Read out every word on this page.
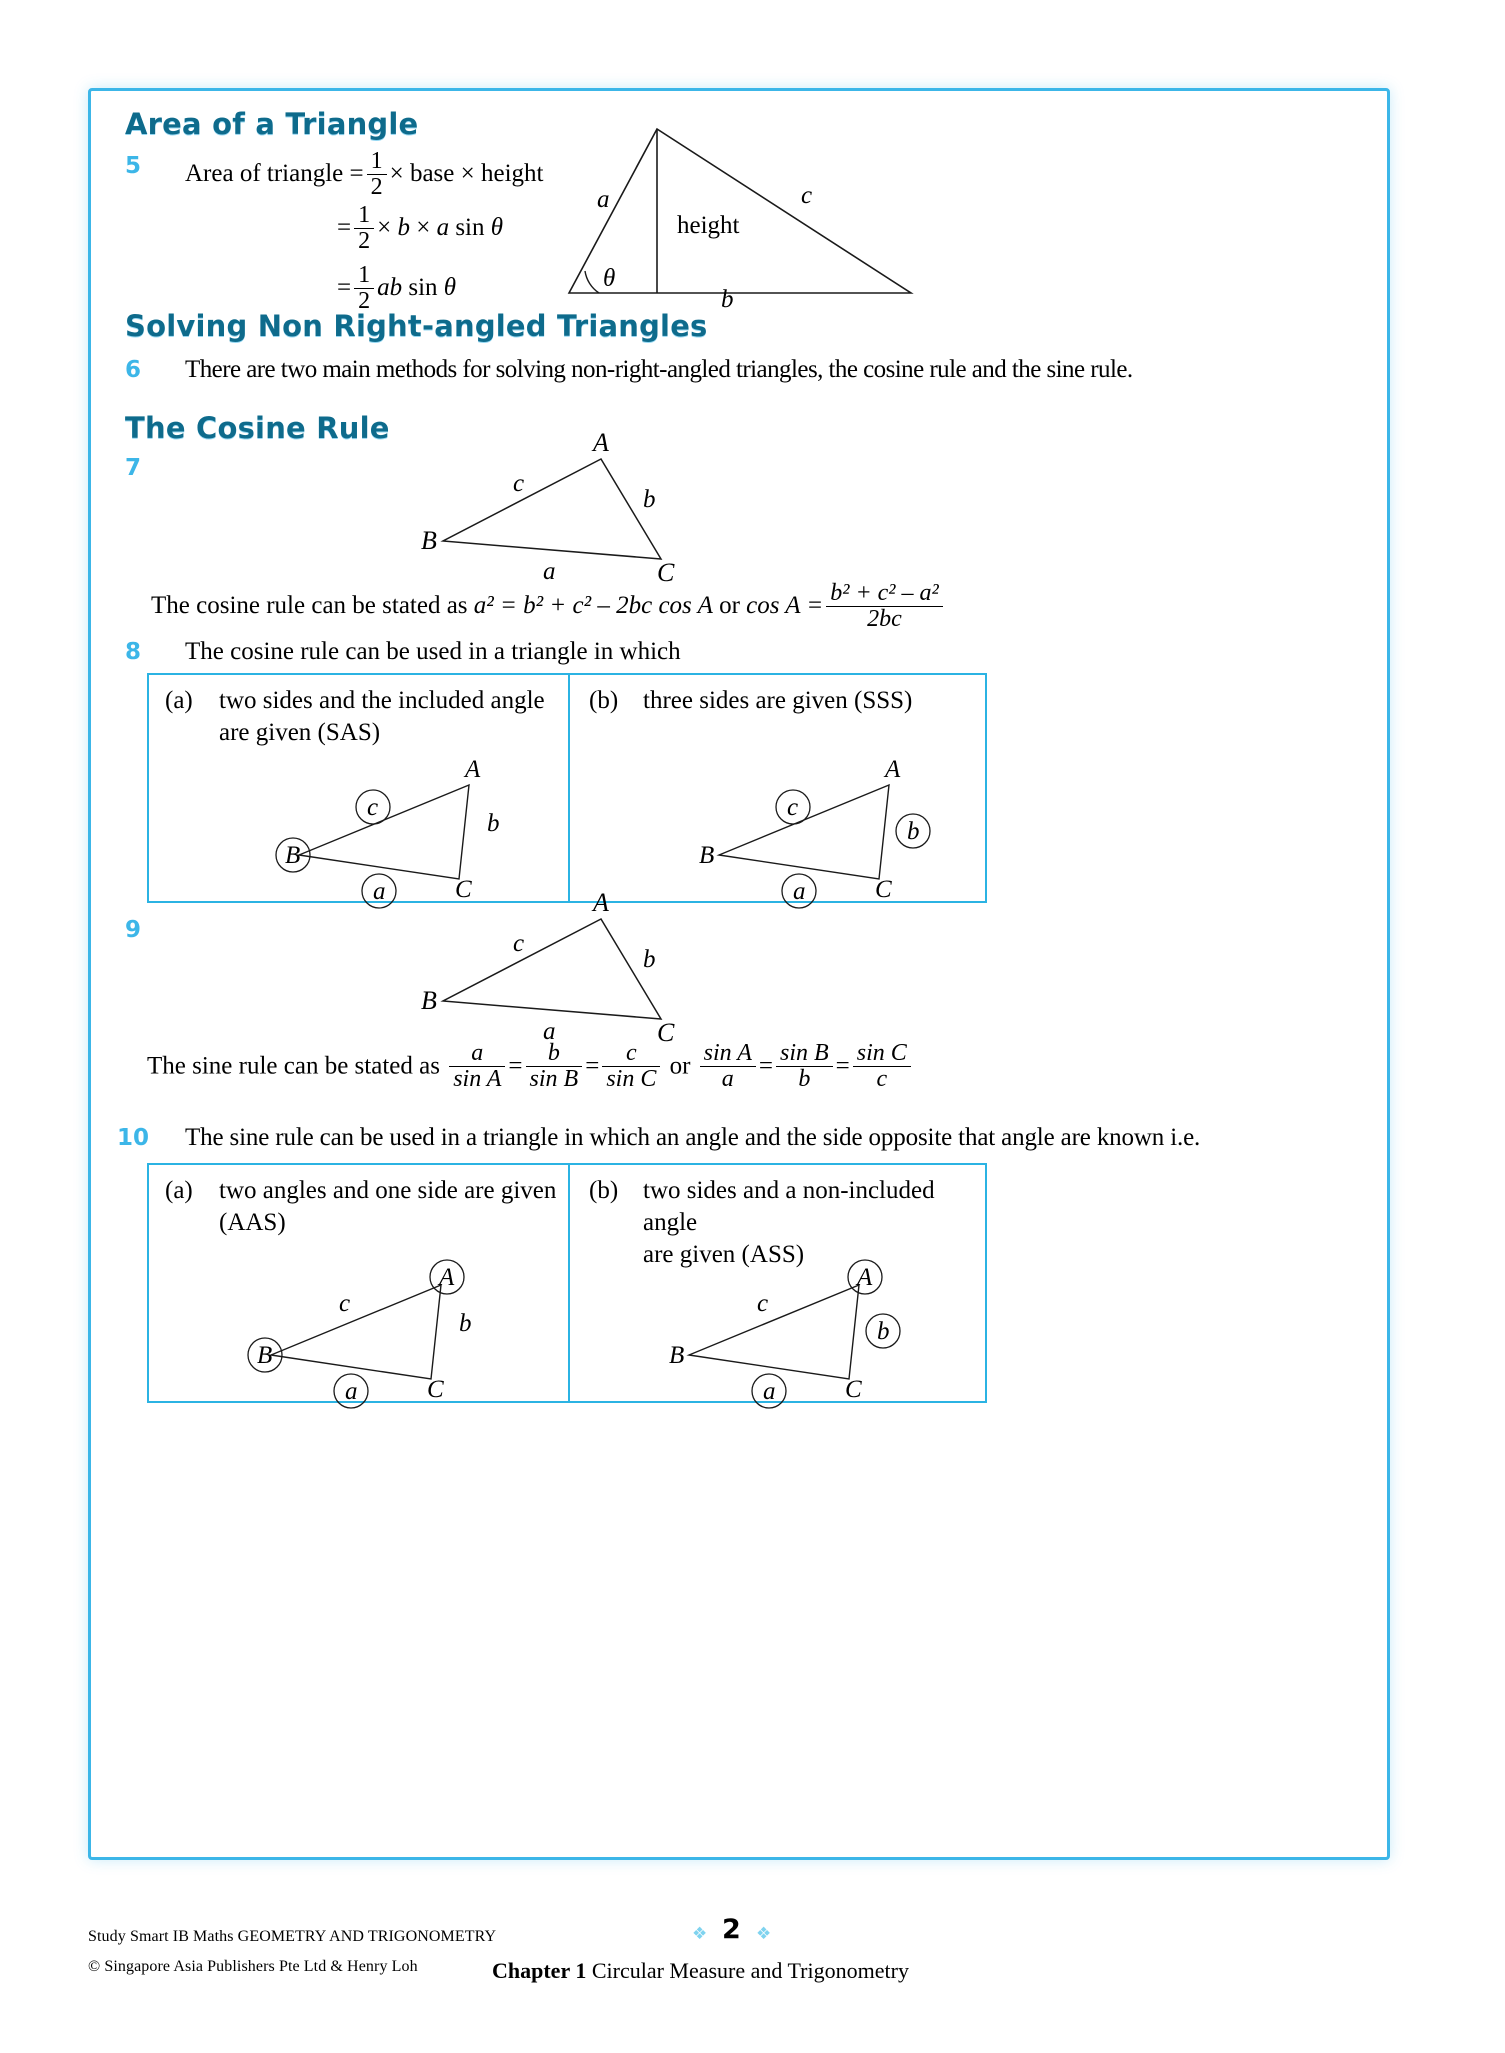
Area of a Triangle
5 Area of triangle = $\frac{1}{2}$ × base × height
= $\frac{1}{2} \times b \times a$ sin θ
= $\frac{1}{2}$ ab sin θ
a	c
b
height
θ
Solving Non Right-angled Triangles
6 There are two main methods for solving non-right-angled triangles, the cosine rule and the sine rule.
The Cosine Rule
7
A
B
C
c
b
a
The cosine rule can be stated as a² = b² + c² – 2bc cos A or $\cos A = \frac{\text{b² + c² – a²}}{2bc}$
8 The cosine rule can be used in a triangle in which
(a) two sides and the included angle
are given (SAS)
(b) three sides are given (SSS)
A
B
C
c
b
a
A
B
C
c
b
a
9
A
B
C
c
b
a
The sine rule can be stated as $\frac{a}{\text{sin A}} = \frac{b}{\text{sin B}} = \frac{c}{\text{sin C}}$ or $\frac{\text{sin A}}{a} = \frac{\text{sin B}}{b} = \frac{\text{sin C}}{c}$
10 The sine rule can be used in a triangle in which an angle and the side opposite that angle are known i.e.
(a) two angles and one side are given
(AAS)
(b) two sides and a non-included angle
are given (ASS)
A
B
C
c
b
a
A
B
C
c
b
a
Study Smart IB Maths GEOMETRY AND TRIGONOMETRY
© Singapore Asia Publishers Pte Ltd & Henry Loh
❖ 2 ❖
Chapter 1 Circular Measure and Trigonometry
